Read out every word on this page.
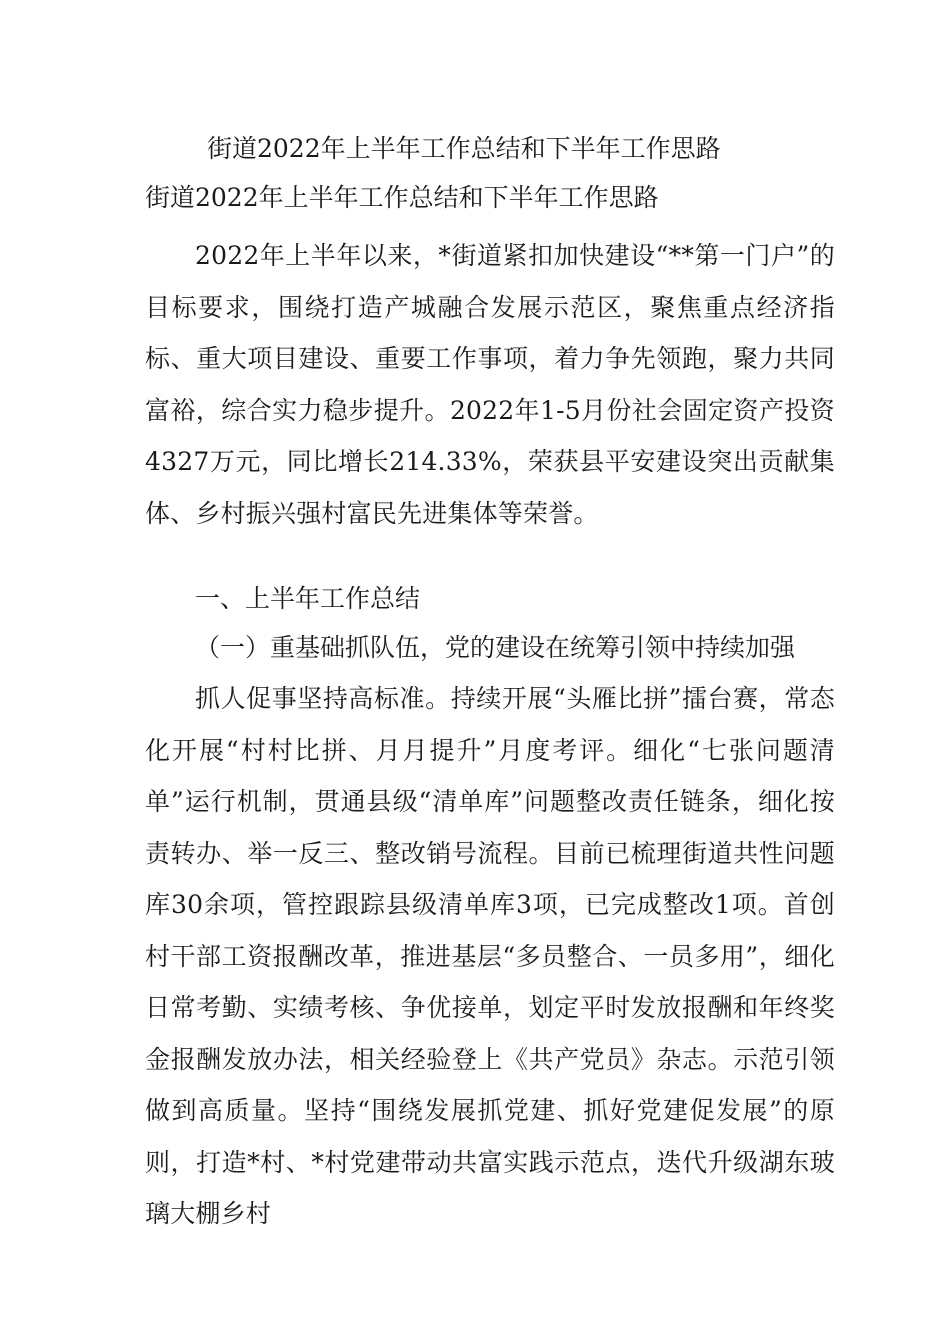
街道2022年上半年工作总结和下半年工作思路
街道2022年上半年工作总结和下半年工作思路

2022年上半年以来，*街道紧扣加快建设“**第一门户”的目标要求，围绕打造产城融合发展示范区，聚焦重点经济指标、重大项目建设、重要工作事项，着力争先领跑，聚力共同富裕，综合实力稳步提升。2022年1-5月份社会固定资产投资4327万元，同比增长214.33%，荣获县平安建设突出贡献集体、乡村振兴强村富民先进集体等荣誉。

一、上半年工作总结

（一）重基础抓队伍，党的建设在统筹引领中持续加强

抓人促事坚持高标准。持续开展“头雁比拼”擂台赛，常态化开展“村村比拼、月月提升”月度考评。细化“七张问题清单”运行机制，贯通县级“清单库”问题整改责任链条，细化按责转办、举一反三、整改销号流程。目前已梳理街道共性问题库30余项，管控跟踪县级清单库3项，已完成整改1项。首创村干部工资报酬改革，推进基层“多员整合、一员多用”，细化日常考勤、实绩考核、争优接单，划定平时发放报酬和年终奖金报酬发放办法，相关经验登上《共产党员》杂志。示范引领做到高质量。坚持“围绕发展抓党建、抓好党建促发展”的原则，打造*村、*村党建带动共富实践示范点，迭代升级湖东玻璃大棚乡村
